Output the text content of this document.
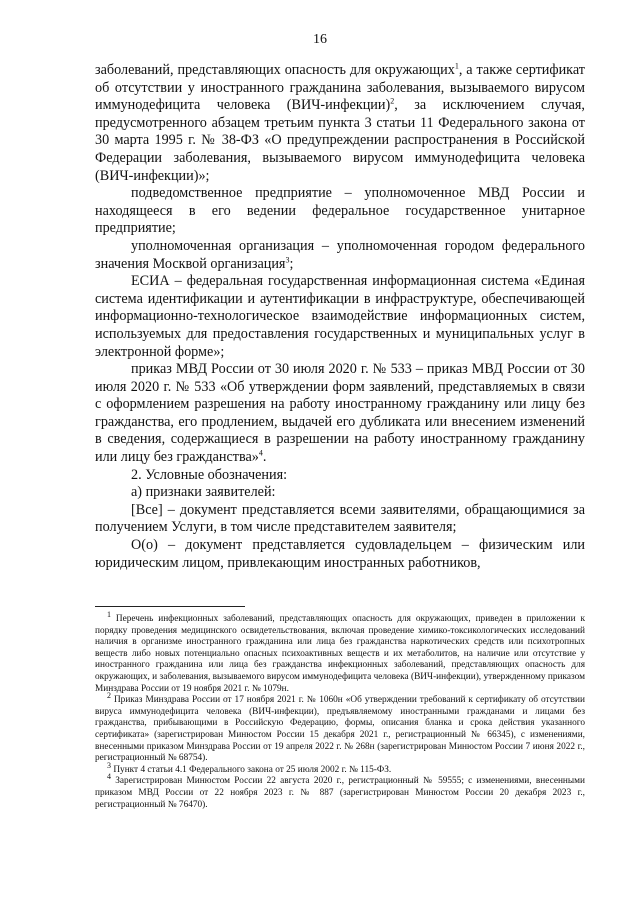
16

заболеваний, представляющих опасность для окружающих$^1$, а также сертификат об отсутствии у иностранного гражданина заболевания, вызываемого вирусом иммунодефицита человека (ВИЧ-инфекции)$^2$, за исключением случая, предусмотренного абзацем третьим пункта 3 статьи 11 Федерального закона от 30 марта 1995 г. № 38-ФЗ «О предупреждении распространения в Российской Федерации заболевания, вызываемого вирусом иммунодефицита человека (ВИЧ-инфекции)»;

подведомственное предприятие – уполномоченное МВД России и находящееся в его ведении федеральное государственное унитарное предприятие;

уполномоченная организация – уполномоченная городом федерального значения Москвой организация$^3$;

ЕСИА – федеральная государственная информационная система «Единая система идентификации и аутентификации в инфраструктуре, обеспечивающей информационно-технологическое взаимодействие информационных систем, используемых для предоставления государственных и муниципальных услуг в электронной форме»;

приказ МВД России от 30 июля 2020 г. № 533 – приказ МВД России от 30 июля 2020 г. № 533 «Об утверждении форм заявлений, представляемых в связи с оформлением разрешения на работу иностранному гражданину или лицу без гражданства, его продлением, выдачей его дубликата или внесением изменений в сведения, содержащиеся в разрешении на работу иностранному гражданину или лицу без гражданства»$^4$.

2. Условные обозначения:

а) признаки заявителей:

[Все] – документ представляется всеми заявителями, обращающимися за получением Услуги, в том числе представителем заявителя;

О(о) – документ представляется судовладельцем – физическим или юридическим лицом, привлекающим иностранных работников,

$^1$ Перечень инфекционных заболеваний, представляющих опасность для окружающих, приведен в приложении к порядку проведения медицинского освидетельствования, включая проведение химико-токсикологических исследований наличия в организме иностранного гражданина или лица без гражданства наркотических средств или психотропных веществ либо новых потенциально опасных психоактивных веществ и их метаболитов, на наличие или отсутствие у иностранного гражданина или лица без гражданства инфекционных заболеваний, представляющих опасность для окружающих, и заболевания, вызываемого вирусом иммунодефицита человека (ВИЧ-инфекции), утвержденному приказом Минздрава России от 19 ноября 2021 г. № 1079н.

$^2$ Приказ Минздрава России от 17 ноября 2021 г. № 1060н «Об утверждении требований к сертификату об отсутствии вируса иммунодефицита человека (ВИЧ-инфекции), предъявляемому иностранными гражданами и лицами без гражданства, прибывающими в Российскую Федерацию, формы, описания бланка и срока действия указанного сертификата» (зарегистрирован Минюстом России 15 декабря 2021 г., регистрационный № 66345), с изменениями, внесенными приказом Минздрава России от 19 апреля 2022 г. № 268н (зарегистрирован Минюстом России 7 июня 2022 г., регистрационный № 68754).

$^3$ Пункт 4 статьи 4.1 Федерального закона от 25 июля 2002 г. № 115-ФЗ.

$^4$ Зарегистрирован Минюстом России 22 августа 2020 г., регистрационный № 59555; с изменениями, внесенными приказом МВД России от 22 ноября 2023 г. № 887 (зарегистрирован Минюстом России 20 декабря 2023 г., регистрационный № 76470).
